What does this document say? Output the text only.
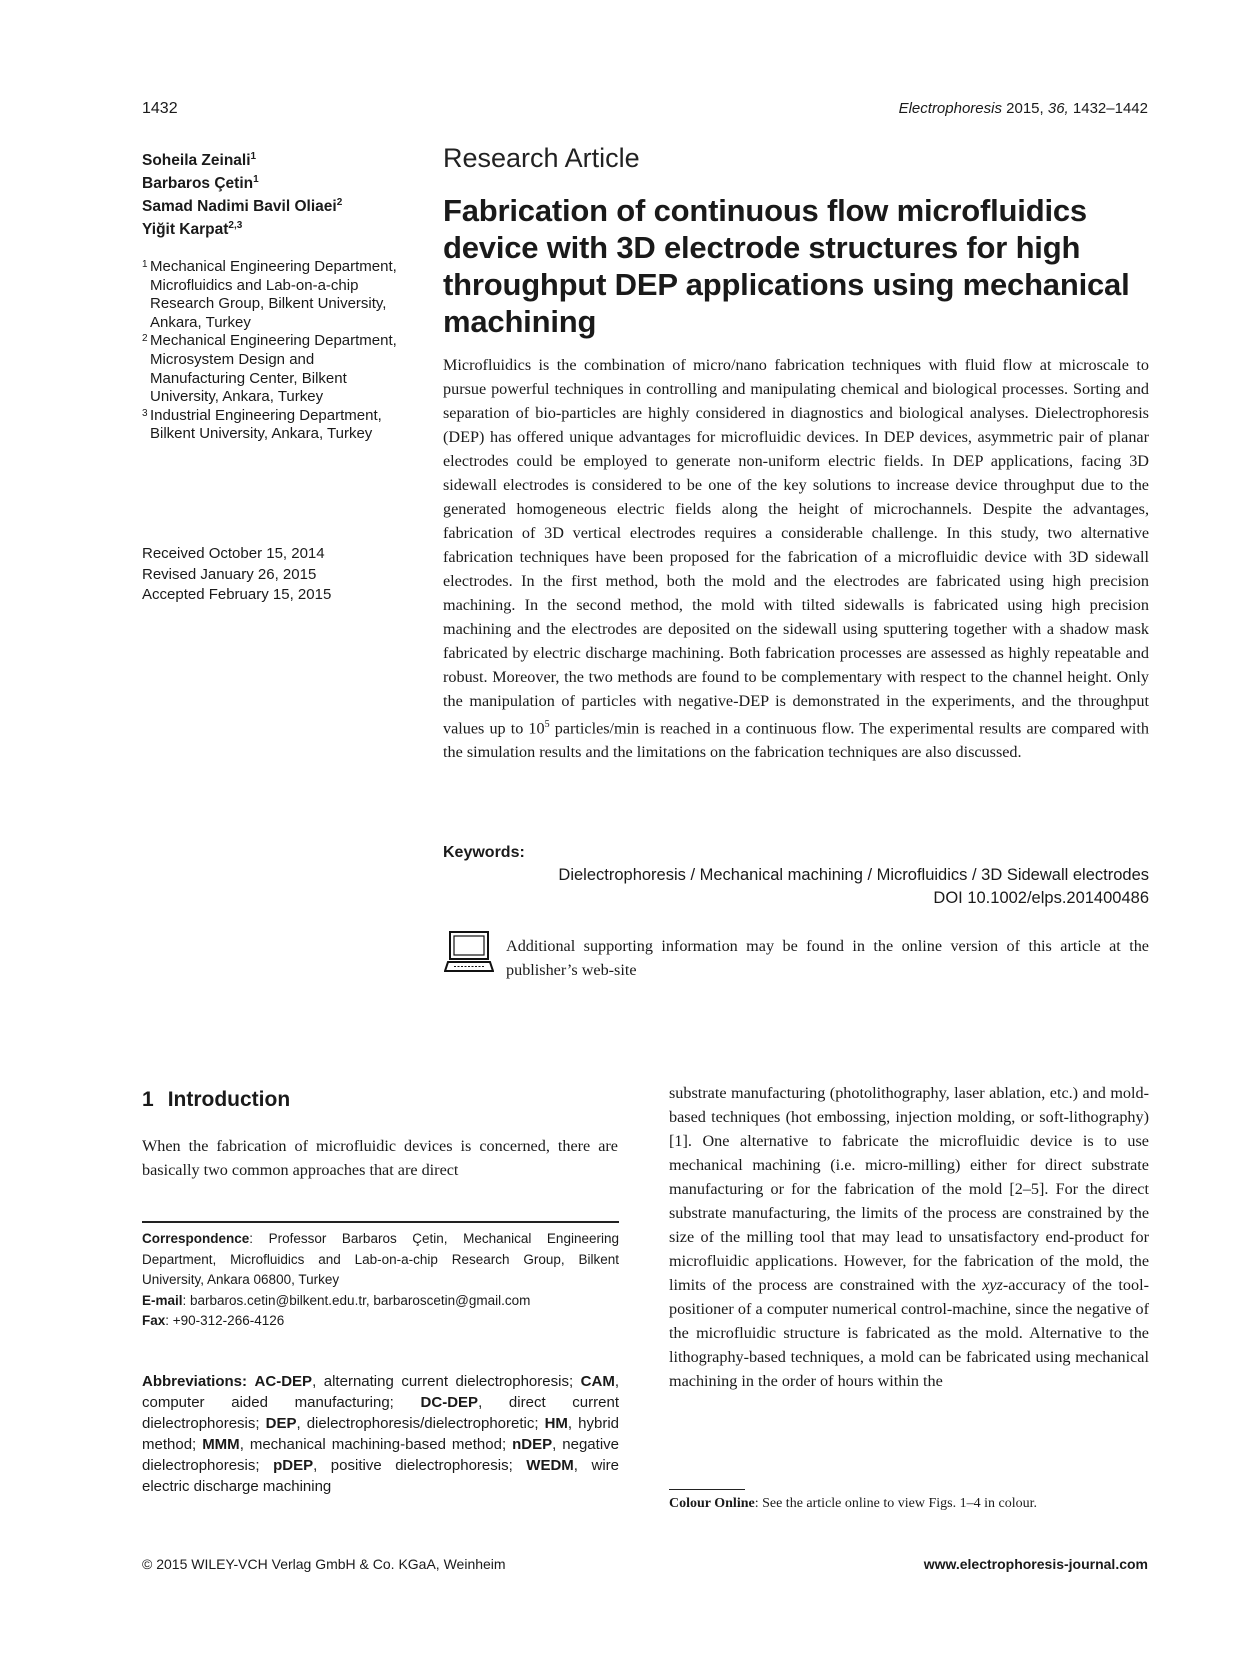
1432	Electrophoresis 2015, 36, 1432–1442
Soheila Zeinali$^1$
Barbaros Çetin$^1$
Samad Nadimi Bavil Oliaei$^2$
Yiğit Karpat$^{2,3}$
1 Mechanical Engineering Department, Microfluidics and Lab-on-a-chip Research Group, Bilkent University, Ankara, Turkey
2 Mechanical Engineering Department, Microsystem Design and Manufacturing Center, Bilkent University, Ankara, Turkey
3 Industrial Engineering Department, Bilkent University, Ankara, Turkey
Received October 15, 2014
Revised January 26, 2015
Accepted February 15, 2015
Research Article
Fabrication of continuous flow microfluidics device with 3D electrode structures for high throughput DEP applications using mechanical machining

Microfluidics is the combination of micro/nano fabrication techniques with fluid flow at microscale to pursue powerful techniques in controlling and manipulating chemical and biological processes. Sorting and separation of bio-particles are highly considered in diagnostics and biological analyses. Dielectrophoresis (DEP) has offered unique advantages for microfluidic devices. In DEP devices, asymmetric pair of planar electrodes could be employed to generate non-uniform electric fields. In DEP applications, facing 3D sidewall electrodes is considered to be one of the key solutions to increase device throughput due to the generated homogeneous electric fields along the height of microchannels. Despite the advantages, fabrication of 3D vertical electrodes requires a considerable challenge. In this study, two alternative fabrication techniques have been proposed for the fabrication of a microfluidic device with 3D sidewall electrodes. In the first method, both the mold and the electrodes are fabricated using high precision machining. In the second method, the mold with tilted sidewalls is fabricated using high precision machining and the electrodes are deposited on the sidewall using sputtering together with a shadow mask fabricated by electric discharge machining. Both fabrication processes are assessed as highly repeatable and robust. Moreover, the two methods are found to be complementary with respect to the channel height. Only the manipulation of particles with negative-DEP is demonstrated in the experiments, and the throughput values up to $10^5$ particles/min is reached in a continuous flow. The experimental results are compared with the simulation results and the limitations on the fabrication techniques are also discussed.

Keywords:
Dielectrophoresis / Mechanical machining / Microfluidics / 3D Sidewall electrodes
DOI 10.1002/elps.201400486
Additional supporting information may be found in the online version of this article at the publisher’s web-site
1 Introduction
When the fabrication of microfluidic devices is concerned, there are basically two common approaches that are direct
Correspondence: Professor Barbaros Çetin, Mechanical Engineering Department, Microfluidics and Lab-on-a-chip Research Group, Bilkent University, Ankara 06800, Turkey
E-mail: barbaros.cetin@bilkent.edu.tr, barbaroscetin@gmail.com
Fax: +90-312-266-4126
Abbreviations: AC-DEP, alternating current dielectrophoresis; CAM, computer aided manufacturing; DC-DEP, direct current dielectrophoresis; DEP, dielectrophoresis/dielectrophoretic; HM, hybrid method; MMM, mechanical machining-based method; nDEP, negative dielectrophoresis; pDEP, positive dielectrophoresis; WEDM, wire electric discharge machining
substrate manufacturing (photolithography, laser ablation, etc.) and mold-based techniques (hot embossing, injection molding, or soft-lithography) [1]. One alternative to fabricate the microfluidic device is to use mechanical machining (i.e. micro-milling) either for direct substrate manufacturing or for the fabrication of the mold [2–5]. For the direct substrate manufacturing, the limits of the process are constrained by the size of the milling tool that may lead to unsatisfactory end-product for microfluidic applications. However, for the fabrication of the mold, the limits of the process are constrained with the xyz-accuracy of the tool-positioner of a computer numerical control-machine, since the negative of the microfluidic structure is fabricated as the mold. Alternative to the lithography-based techniques, a mold can be fabricated using mechanical machining in the order of hours within the
Colour Online: See the article online to view Figs. 1–4 in colour.
© 2015 WILEY-VCH Verlag GmbH & Co. KGaA, Weinheim	www.electrophoresis-journal.com
